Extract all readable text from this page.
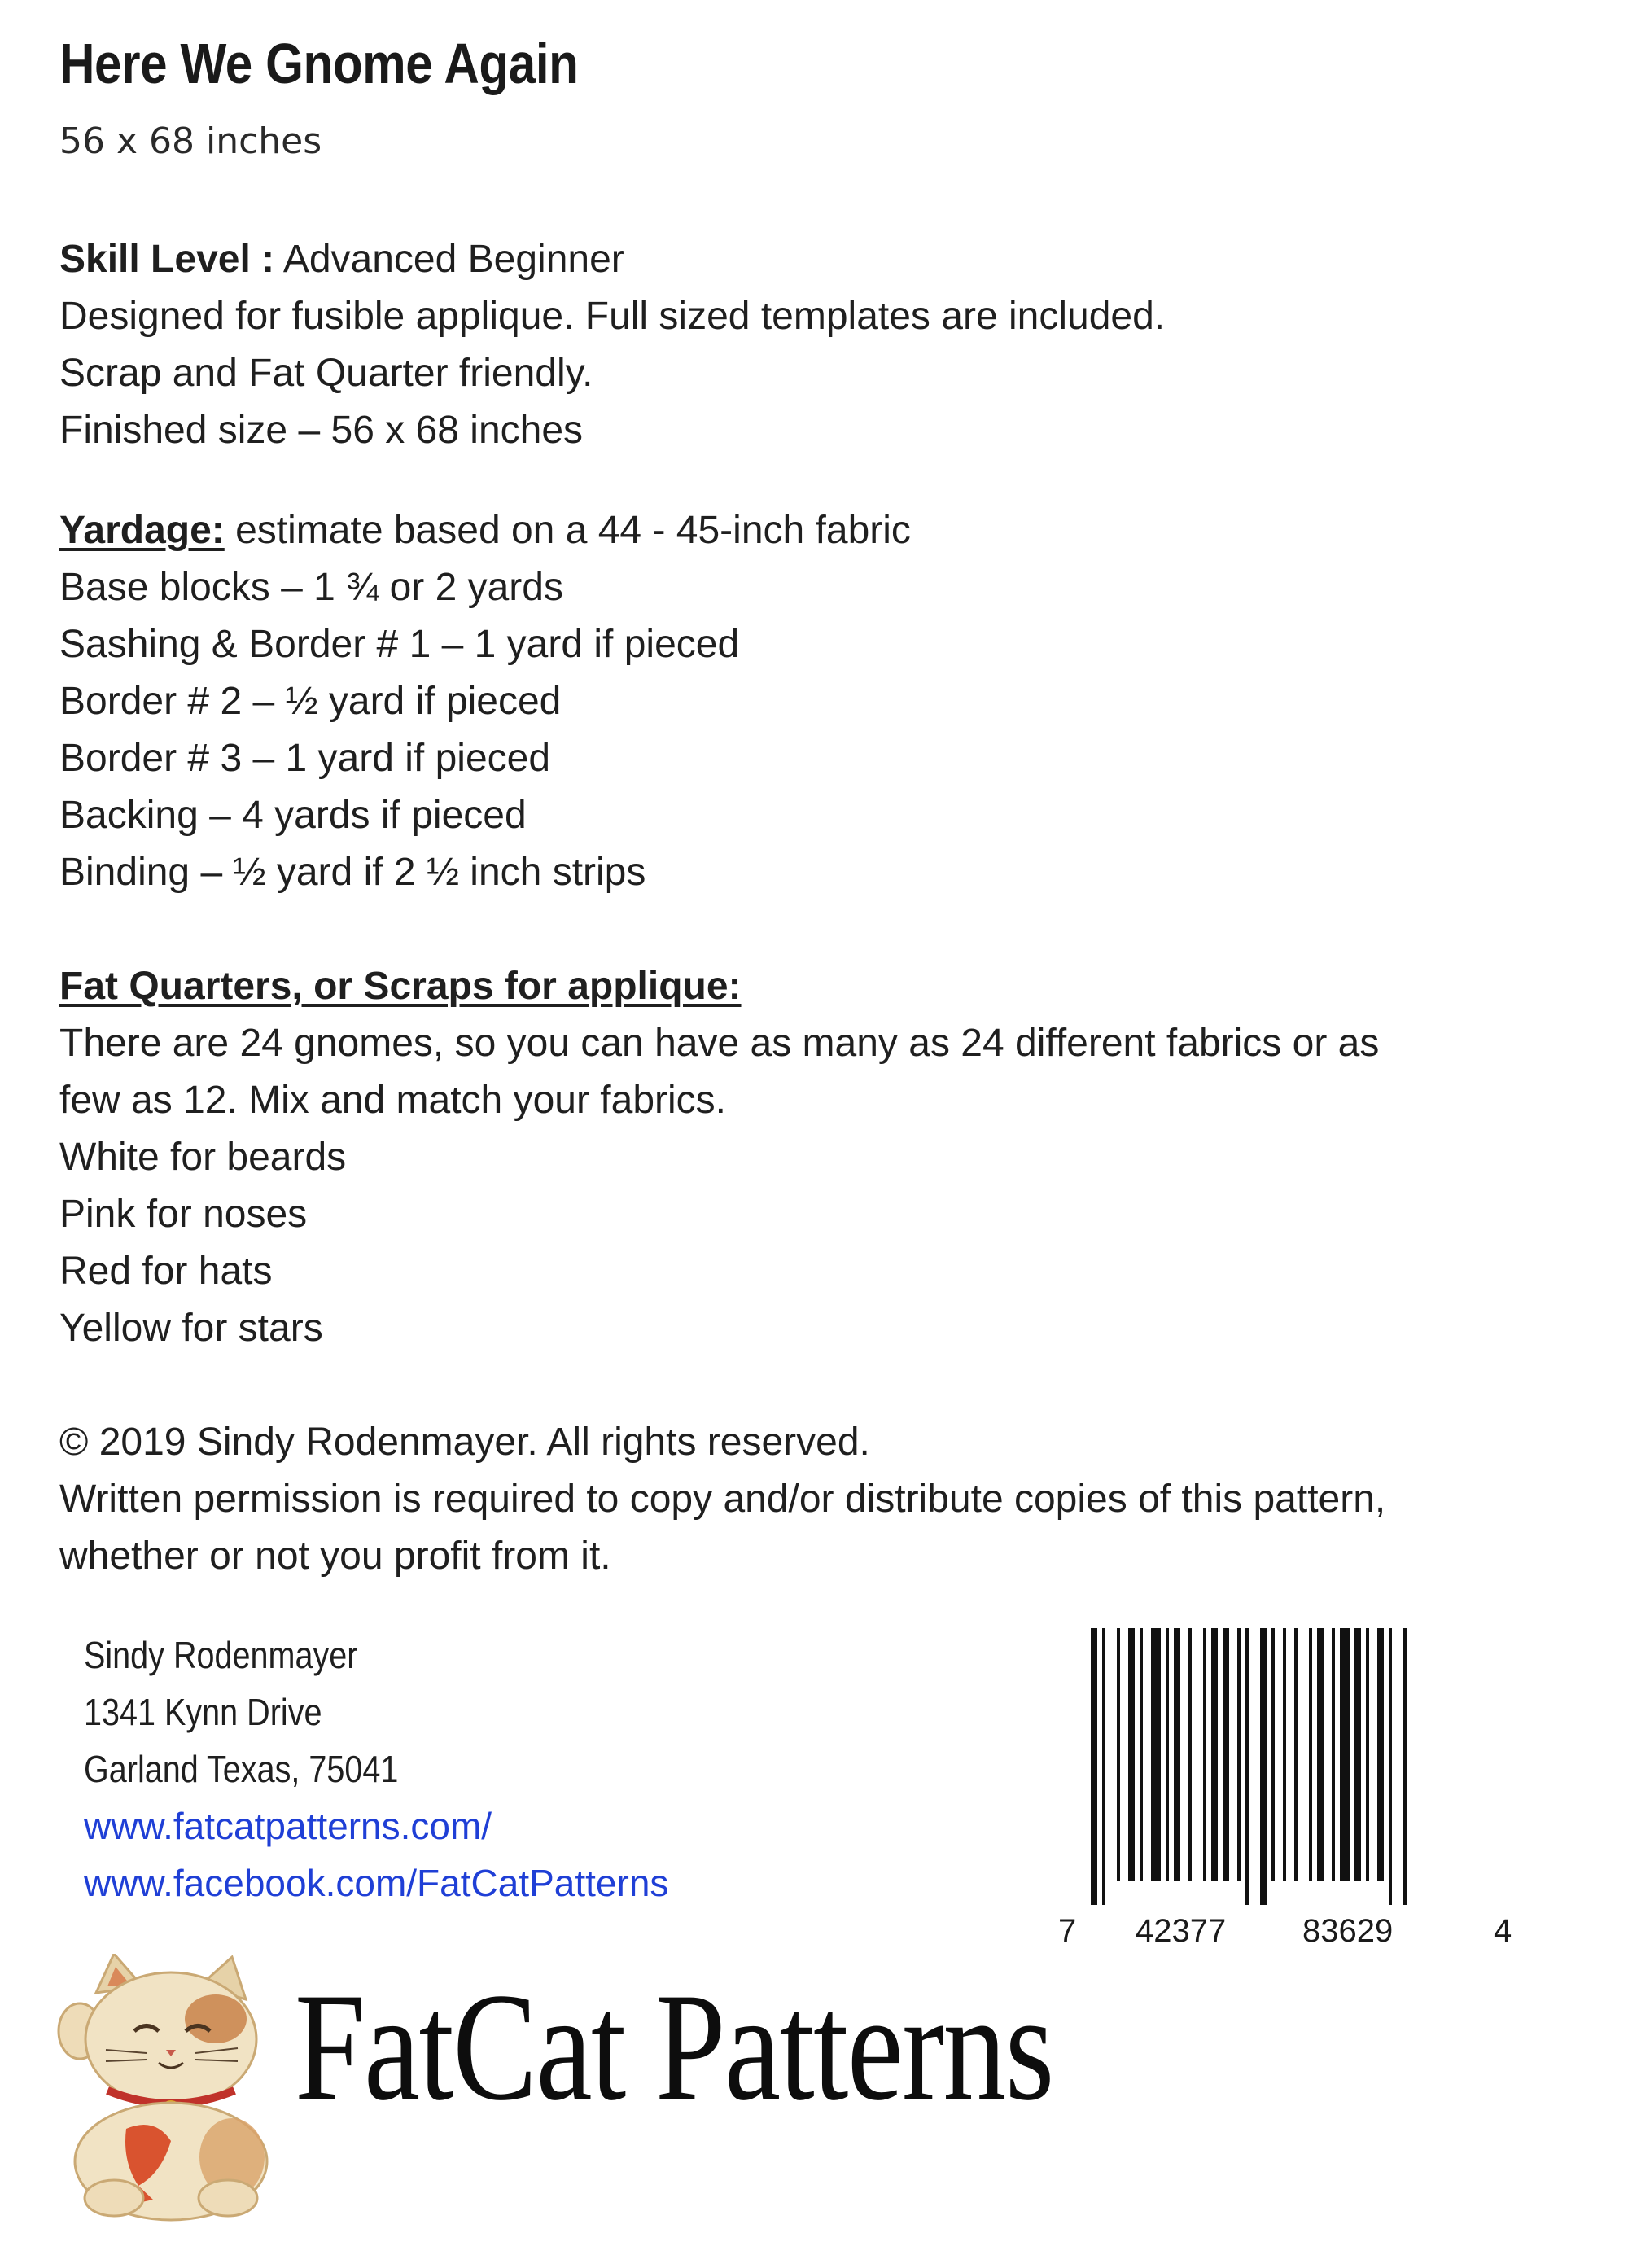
Here We Gnome Again
56 x 68 inches
Skill Level : Advanced Beginner
Designed for fusible applique. Full sized templates are included.
Scrap and Fat Quarter friendly.
Finished size – 56 x 68 inches
Yardage: estimate based on a 44 - 45-inch fabric
Base blocks – 1 ¾ or 2 yards
Sashing & Border # 1 – 1 yard if pieced
Border # 2 – ½ yard if pieced
Border # 3 – 1 yard if pieced
Backing – 4 yards if pieced
Binding – ½ yard if 2 ½ inch strips
Fat Quarters, or Scraps for applique:
There are 24 gnomes, so you can have as many as 24 different fabrics or as
few as 12. Mix and match your fabrics.
White for beards
Pink for noses
Red for hats
Yellow for stars
© 2019 Sindy Rodenmayer. All rights reserved.
Written permission is required to copy and/or distribute copies of this pattern,
whether or not you profit from it.
Sindy Rodenmayer
1341 Kynn Drive
Garland Texas, 75041
www.fatcatpatterns.com/
www.facebook.com/FatCatPatterns
7 42377 83629	4
FatCat Patterns
